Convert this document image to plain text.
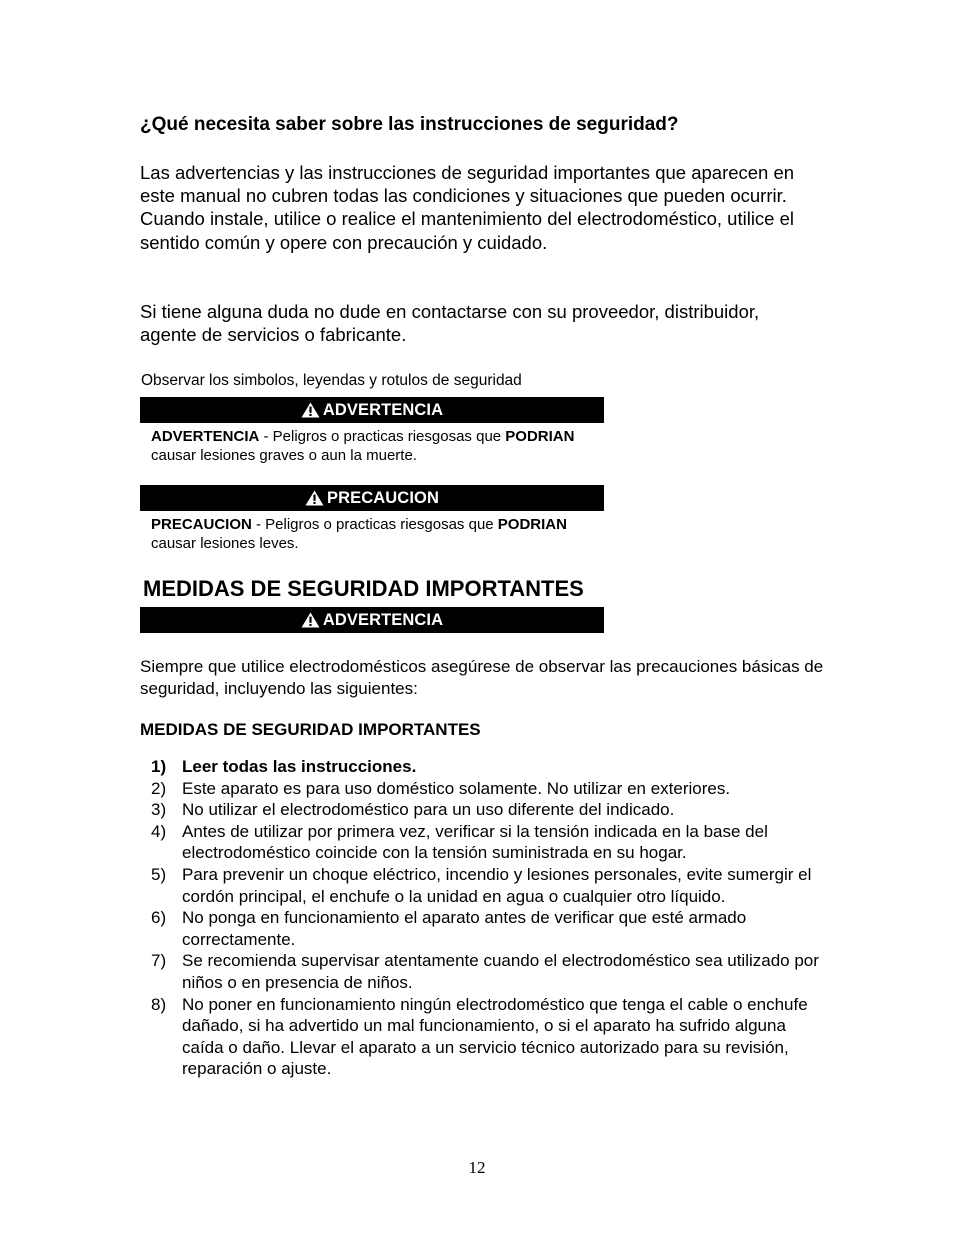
¿Qué necesita saber sobre las instrucciones de seguridad?
Las advertencias y las instrucciones de seguridad importantes que aparecen en este manual no cubren todas las condiciones y situaciones que pueden ocurrir. Cuando instale, utilice o realice el mantenimiento del electrodoméstico, utilice el sentido común y opere con precaución y cuidado.
Si tiene alguna duda no dude en contactarse con su proveedor, distribuidor, agente de servicios o fabricante.
Observar los simbolos, leyendas y rotulos de seguridad
ADVERTENCIA
ADVERTENCIA - Peligros o practicas riesgosas que PODRIAN
causar lesiones graves o aun la muerte.
PRECAUCION
PRECAUCION - Peligros o practicas riesgosas que PODRIAN
causar lesiones leves.
MEDIDAS DE SEGURIDAD IMPORTANTES
ADVERTENCIA
Siempre que utilice electrodomésticos asegúrese de observar las precauciones básicas de seguridad, incluyendo las siguientes:
MEDIDAS DE SEGURIDAD IMPORTANTES
1) Leer todas las instrucciones.
2) Este aparato es para uso doméstico solamente. No utilizar en exteriores.
3) No utilizar el electrodoméstico para un uso diferente del indicado.
4) Antes de utilizar por primera vez, verificar si la tensión indicada en la base del electrodoméstico coincide con la tensión suministrada en su hogar.
5) Para prevenir un choque eléctrico, incendio y lesiones personales, evite sumergir el cordón principal, el enchufe o la unidad en agua o cualquier otro líquido.
6) No ponga en funcionamiento el aparato antes de verificar que esté armado correctamente.
7) Se recomienda supervisar atentamente cuando el electrodoméstico sea utilizado por niños o en presencia de niños.
8) No poner en funcionamiento ningún electrodoméstico que tenga el cable o enchufe dañado, si ha advertido un mal funcionamiento, o si el aparato ha sufrido alguna caída o daño. Llevar el aparato a un servicio técnico autorizado para su revisión, reparación o ajuste.
12
